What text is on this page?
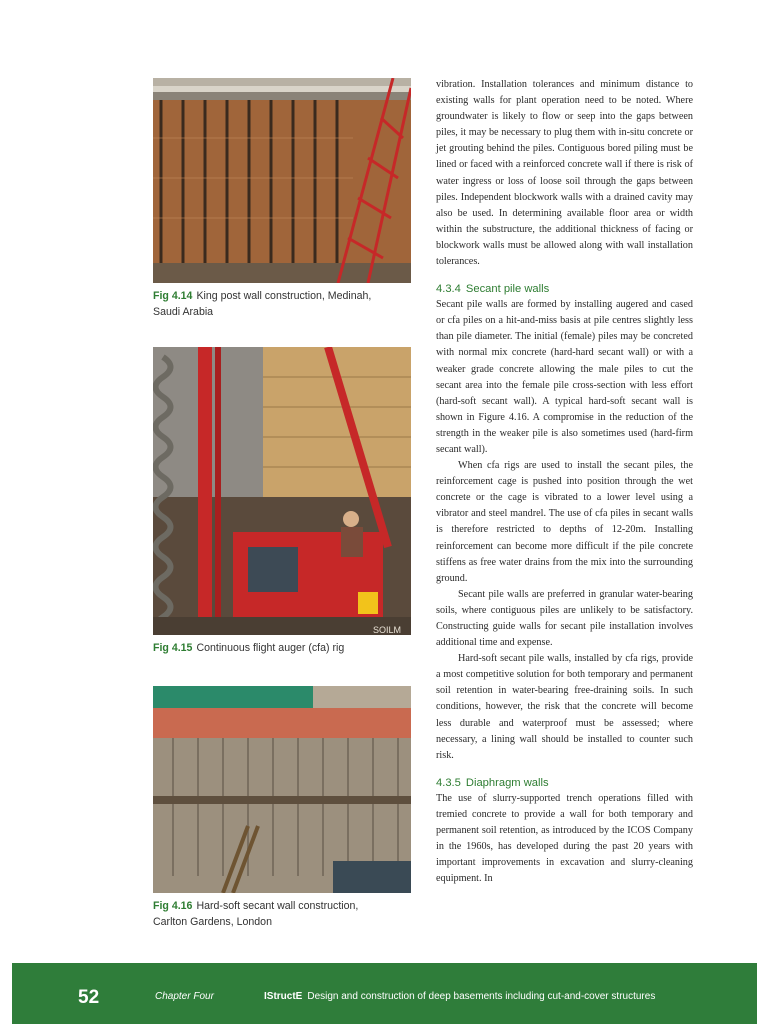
Fig 4.14 King post wall construction, Medinah,
Saudi Arabia
SOILM
Fig 4.15 Continuous flight auger (cfa) rig
Fig 4.16 Hard-soft secant wall construction,
Carlton Gardens, London

vibration. Installation tolerances and minimum distance to existing walls for plant operation need to be noted. Where groundwater is likely to flow or seep into the gaps between piles, it may be necessary to plug them with in-situ concrete or jet grouting behind the piles. Contiguous bored piling must be lined or faced with a reinforced concrete wall if there is risk of water ingress or loss of loose soil through the gaps between piles. Independent blockwork walls with a drained cavity may also be used. In determining available floor area or width within the substructure, the additional thickness of facing or blockwork walls must be allowed along with wall installation tolerances.

4.3.4 Secant pile walls

Secant pile walls are formed by installing augered and cased or cfa piles on a hit-and-miss basis at pile centres slightly less than pile diameter. The initial (female) piles may be concreted with normal mix concrete (hard-hard secant wall) or with a weaker grade concrete allowing the male piles to cut the secant area into the female pile cross-section with less effort (hard-soft secant wall). A typical hard-soft secant wall is shown in Figure 4.16. A compromise in the reduction of the strength in the weaker pile is also sometimes used (hard-firm secant wall).

When cfa rigs are used to install the secant piles, the reinforcement cage is pushed into position through the wet concrete or the cage is vibrated to a lower level using a vibrator and steel mandrel. The use of cfa piles in secant walls is therefore restricted to depths of 12-20m. Installing reinforcement can become more difficult if the pile concrete stiffens as free water drains from the mix into the surrounding ground.

Secant pile walls are preferred in granular water-bearing soils, where contiguous piles are unlikely to be satisfactory. Constructing guide walls for secant pile installation involves additional time and expense.

Hard-soft secant pile walls, installed by cfa rigs, provide a most competitive solution for both temporary and permanent soil retention in water-bearing free-draining soils. In such conditions, however, the risk that the concrete will become less durable and waterproof must be assessed; where necessary, a lining wall should be installed to counter such risk.

4.3.5 Diaphragm walls

The use of slurry-supported trench operations filled with tremied concrete to provide a wall for both temporary and permanent soil retention, as introduced by the ICOS Company in the 1960s, has developed during the past 20 years with important improvements in excavation and slurry-cleaning equipment. In

52	Chapter Four	IStructE Design and construction of deep basements including cut-and-cover structures
